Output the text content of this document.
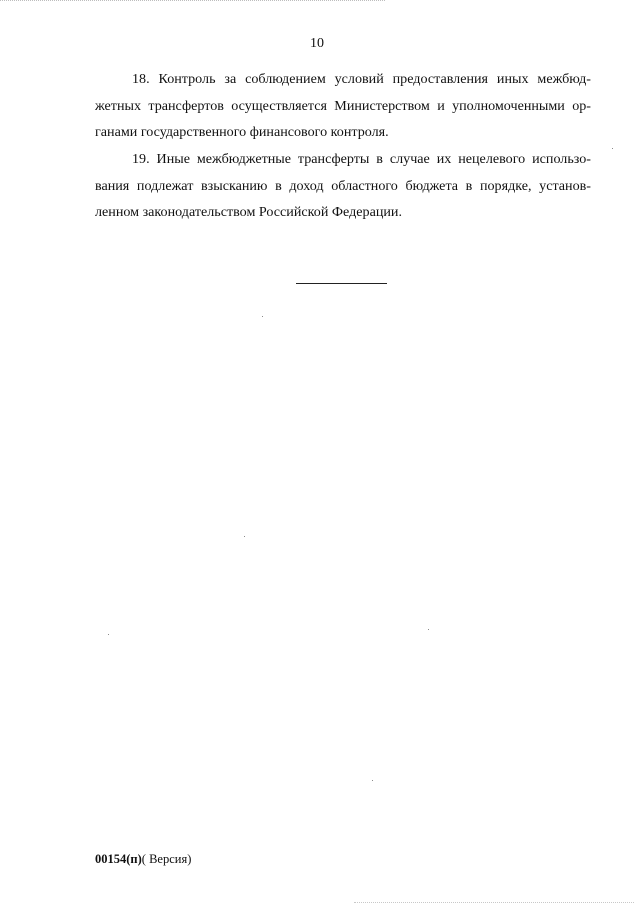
10
18. Контроль за соблюдением условий предоставления иных межбюджетных трансфертов осуществляется Министерством и уполномоченными органами государственного финансового контроля.
19. Иные межбюджетные трансферты в случае их нецелевого использования подлежат взысканию в доход областного бюджета в порядке, установленном законодательством Российской Федерации.
00154(п)( Версия)
